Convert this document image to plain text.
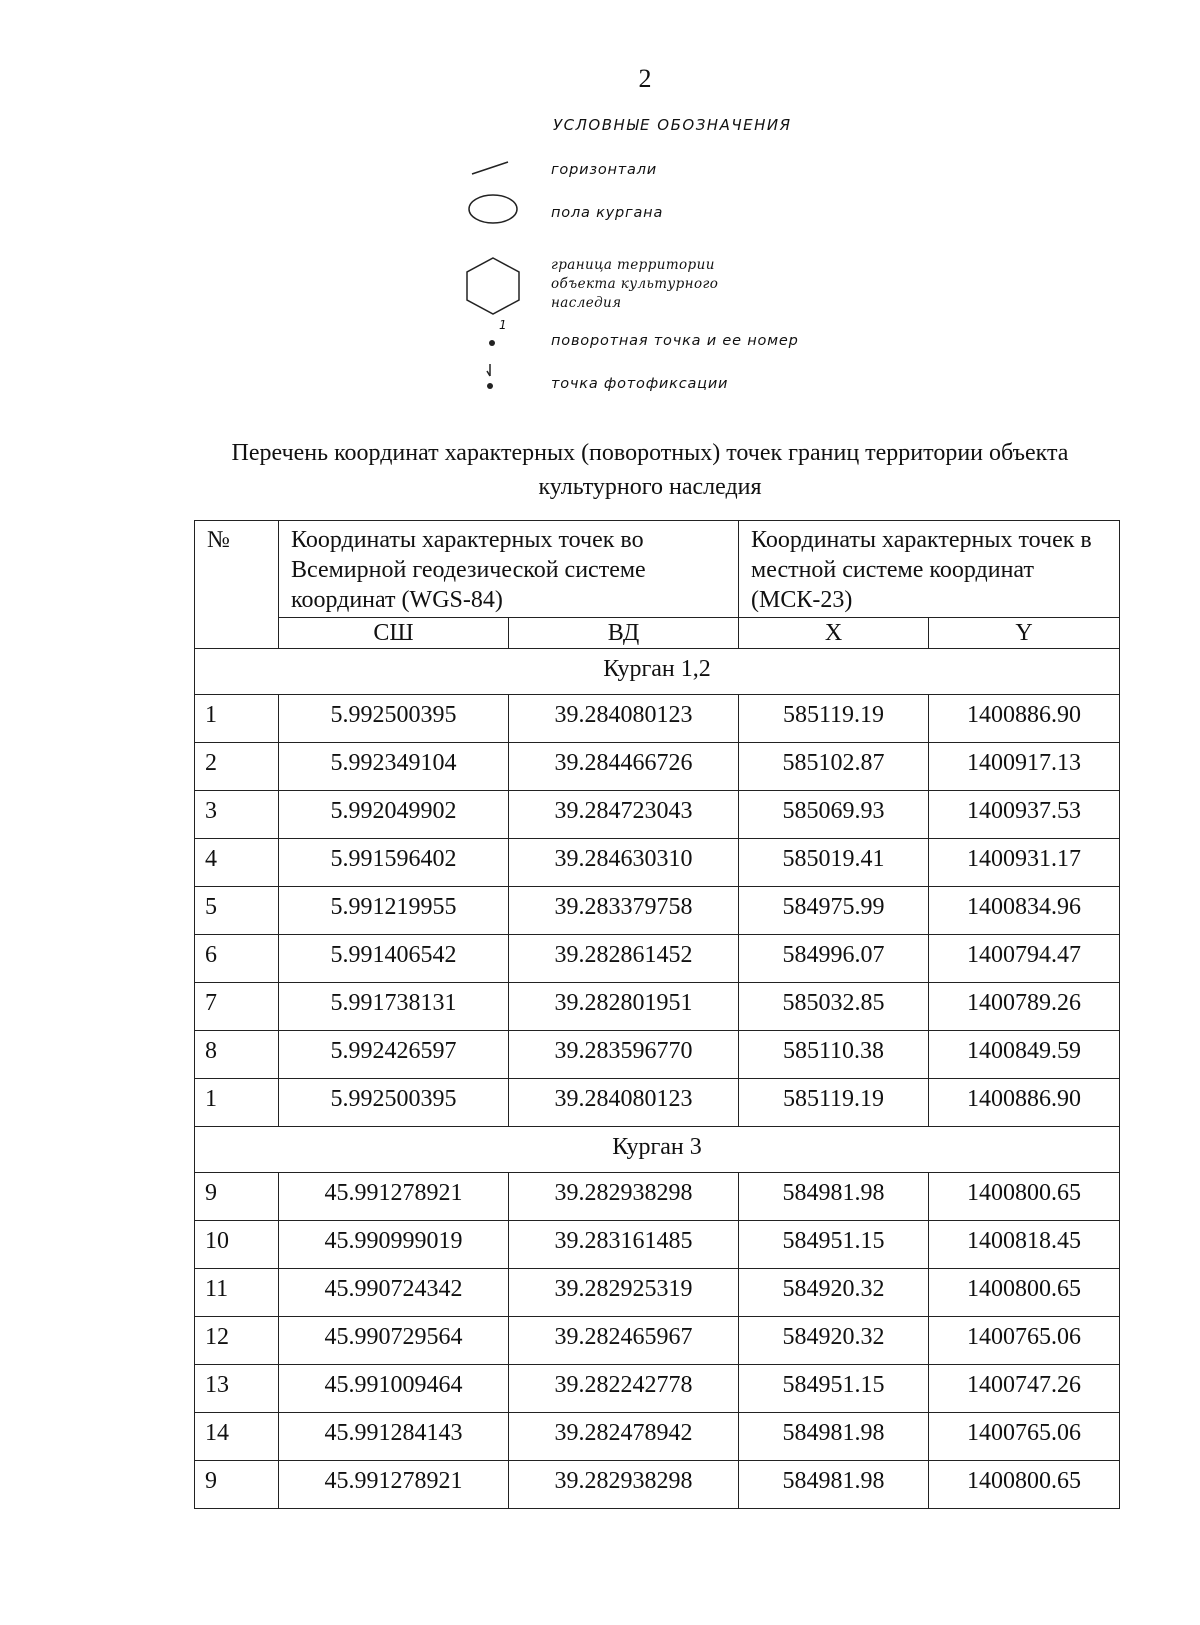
2
УСЛОВНЫЕ ОБОЗНАЧЕНИЯ
горизонтали
пола кургана
граница территории объекта культурного наследия
1
поворотная точка и ее номер
точка фотофиксации
Перечень координат характерных (поворотных) точек границ территории объекта культурного наследия
№	Координаты характерных точек во Всемирной геодезической системе координат (WGS-84)		Координаты характерных точек в местной системе координат (МСК-23)	
	СШ	ВД	X	Y
Курган 1,2				
1	5.992500395	39.284080123	585119.19	1400886.90
2	5.992349104	39.284466726	585102.87	1400917.13
3	5.992049902	39.284723043	585069.93	1400937.53
4	5.991596402	39.284630310	585019.41	1400931.17
5	5.991219955	39.283379758	584975.99	1400834.96
6	5.991406542	39.282861452	584996.07	1400794.47
7	5.991738131	39.282801951	585032.85	1400789.26
8	5.992426597	39.283596770	585110.38	1400849.59
1	5.992500395	39.284080123	585119.19	1400886.90
Курган 3				
9	45.991278921	39.282938298	584981.98	1400800.65
10	45.990999019	39.283161485	584951.15	1400818.45
11	45.990724342	39.282925319	584920.32	1400800.65
12	45.990729564	39.282465967	584920.32	1400765.06
13	45.991009464	39.282242778	584951.15	1400747.26
14	45.991284143	39.282478942	584981.98	1400765.06
9	45.991278921	39.282938298	584981.98	1400800.65
